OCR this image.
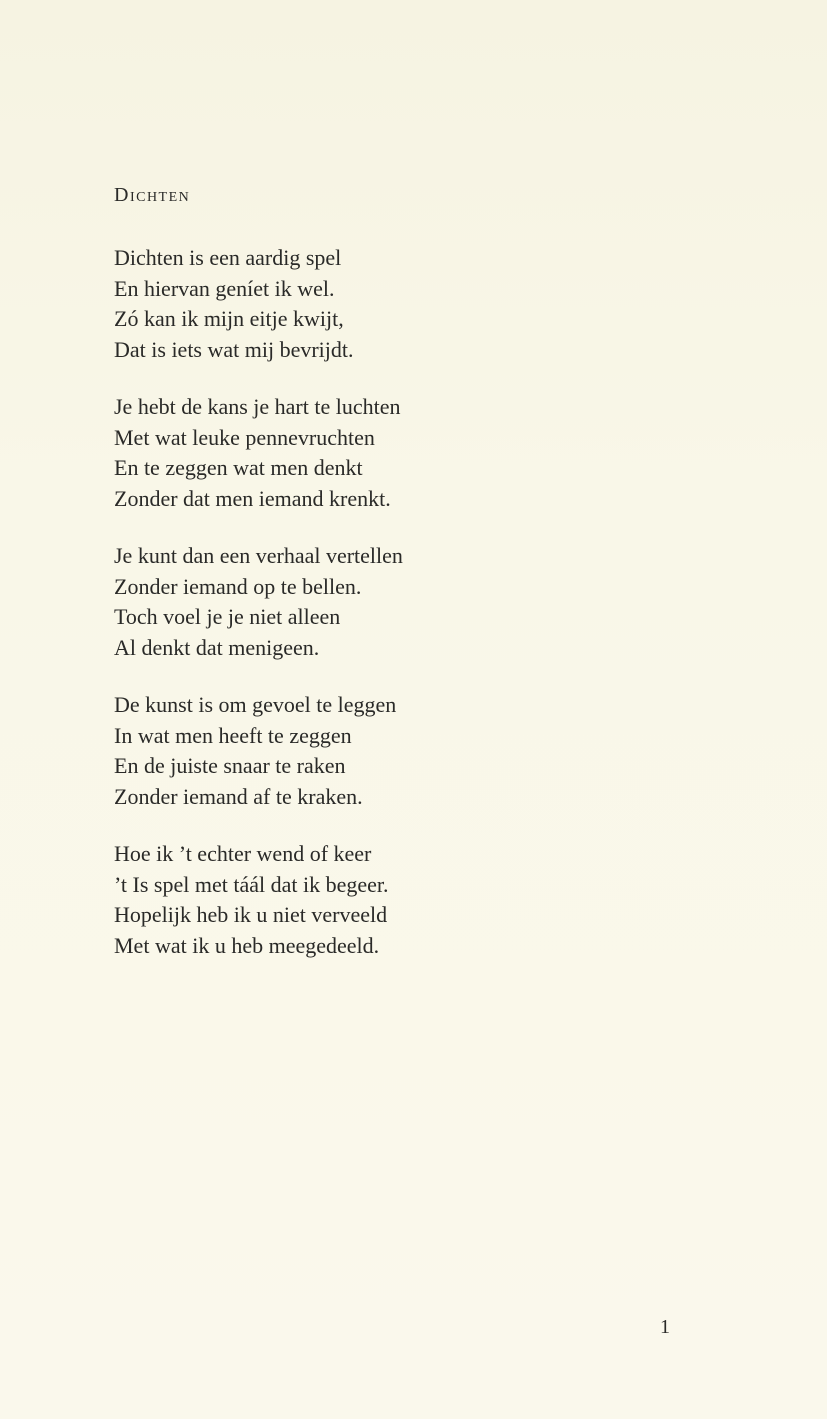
Dichten
Dichten is een aardig spel
En hiervan geníet ik wel.
Zó kan ik mijn eitje kwijt,
Dat is iets wat mij bevrijdt.
Je hebt de kans je hart te luchten
Met wat leuke pennevruchten
En te zeggen wat men denkt
Zonder dat men iemand krenkt.
Je kunt dan een verhaal vertellen
Zonder iemand op te bellen.
Toch voel je je niet alleen
Al denkt dat menigeen.
De kunst is om gevoel te leggen
In wat men heeft te zeggen
En de juiste snaar te raken
Zonder iemand af te kraken.
Hoe ik ’t echter wend of keer
’t Is spel met táál dat ik begeer.
Hopelijk heb ik u niet verveeld
Met wat ik u heb meegedeeld.
1
